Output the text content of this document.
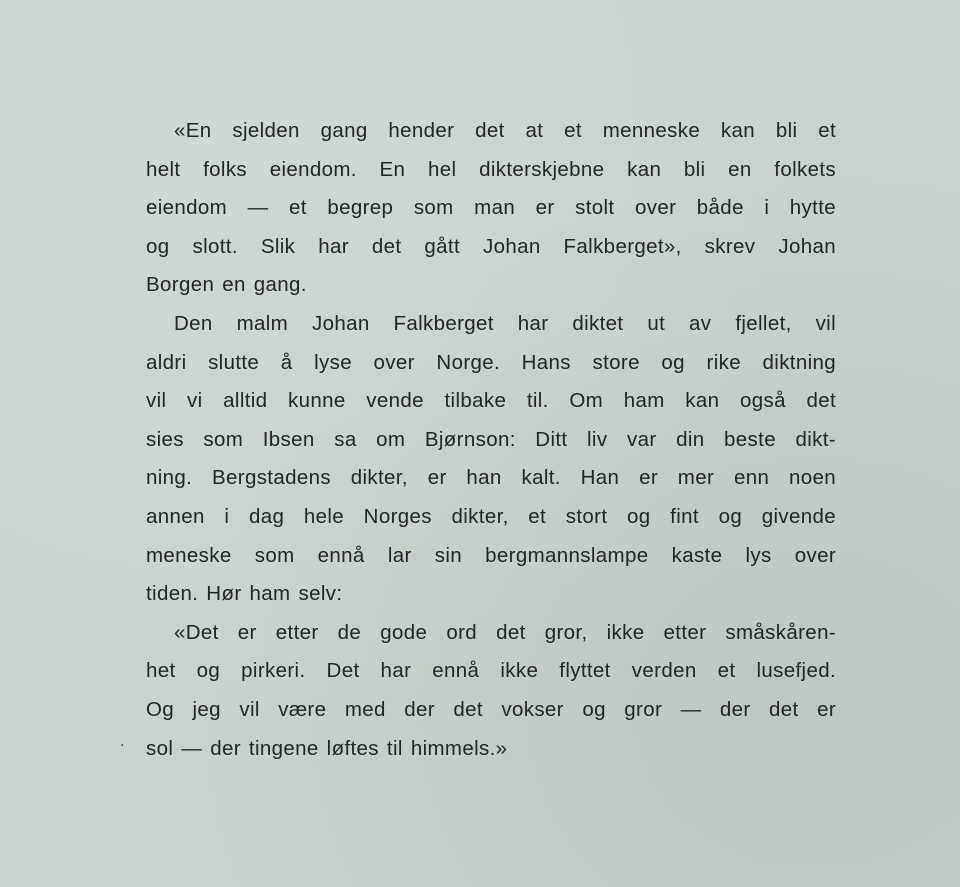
«En sjelden gang hender det at et menneske kan bli et
helt folks eiendom. En hel dikterskjebne kan bli en folkets
eiendom — et begrep som man er stolt over både i hytte
og slott. Slik har det gått Johan Falkberget», skrev Johan
Borgen en gang.
Den malm Johan Falkberget har diktet ut av fjellet, vil
aldri slutte å lyse over Norge. Hans store og rike diktning
vil vi alltid kunne vende tilbake til. Om ham kan også det
sies som Ibsen sa om Bjørnson: Ditt liv var din beste dikt-
ning. Bergstadens dikter, er han kalt. Han er mer enn noen
annen i dag hele Norges dikter, et stort og fint og givende
meneske som ennå lar sin bergmannslampe kaste lys over
tiden. Hør ham selv:
«Det er etter de gode ord det gror, ikke etter småskåren-
het og pirkeri. Det har ennå ikke flyttet verden et lusefjed.
Og jeg vil være med der det vokser og gror — der det er
sol — der tingene løftes til himmels.»
·
